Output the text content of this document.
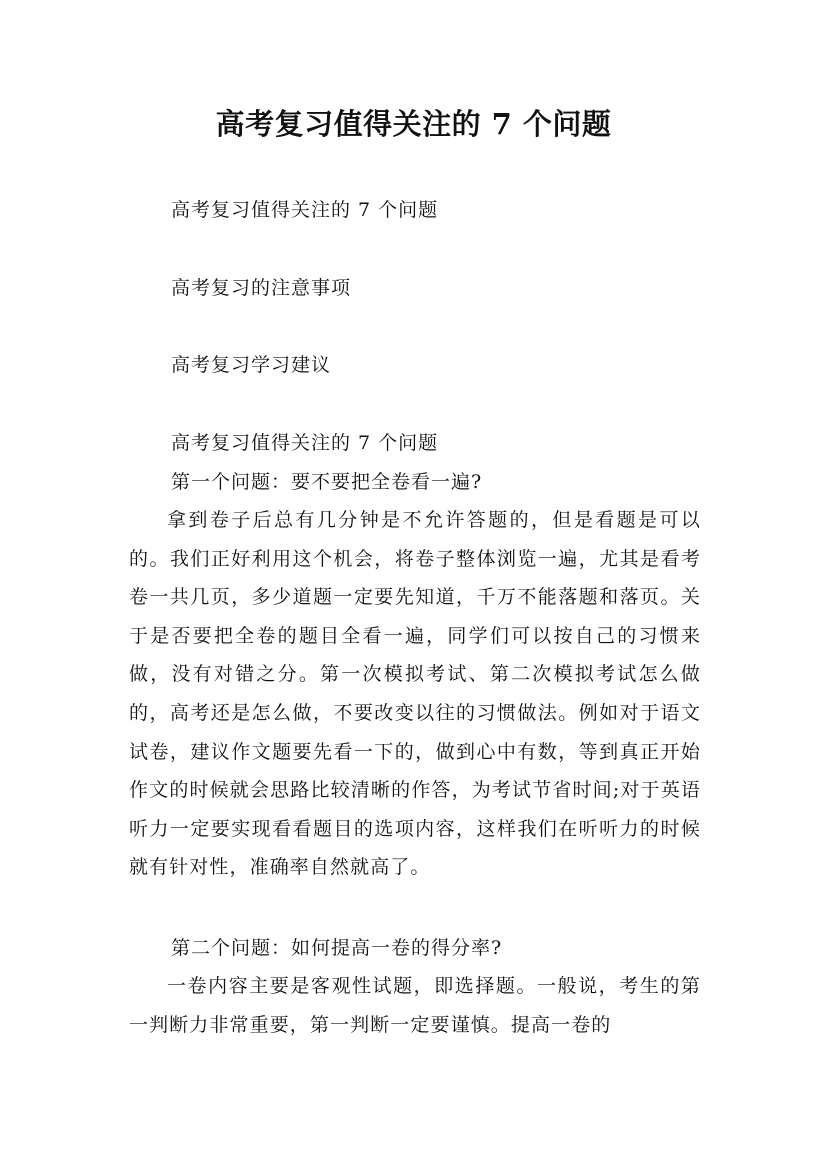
高考复习值得关注的 7 个问题
高考复习值得关注的 7 个问题
高考复习的注意事项
高考复习学习建议
高考复习值得关注的 7 个问题
第一个问题：要不要把全卷看一遍?

拿到卷子后总有几分钟是不允许答题的，但是看题是可以的。我们正好利用这个机会，将卷子整体浏览一遍，尤其是看考卷一共几页，多少道题一定要先知道，千万不能落题和落页。关于是否要把全卷的题目全看一遍，同学们可以按自己的习惯来做，没有对错之分。第一次模拟考试、第二次模拟考试怎么做的，高考还是怎么做，不要改变以往的习惯做法。例如对于语文试卷，建议作文题要先看一下的，做到心中有数，等到真正开始作文的时候就会思路比较清晰的作答，为考试节省时间;对于英语听力一定要实现看看题目的选项内容，这样我们在听听力的时候就有针对性，准确率自然就高了。

第二个问题：如何提高一卷的得分率?

一卷内容主要是客观性试题，即选择题。一般说，考生的第一判断力非常重要，第一判断一定要谨慎。提高一卷的
